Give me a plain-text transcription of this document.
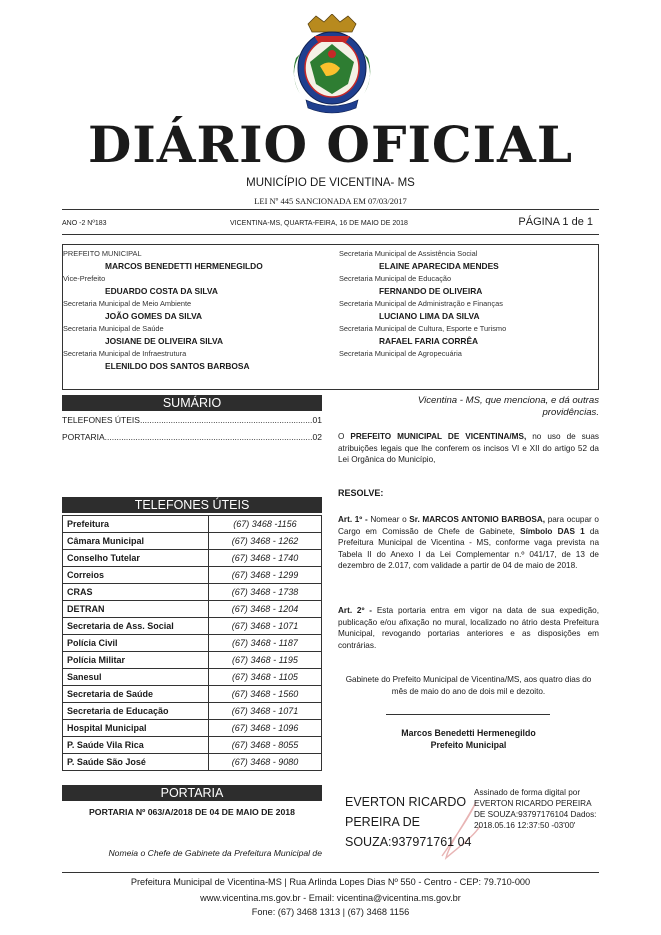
DIÁRIO OFICIAL
MUNICÍPIO DE VICENTINA- MS
LEI Nº 445 SANCIONADA EM 07/03/2017
ANO -2 Nº183	VICENTINA-MS, QUARTA-FEIRA, 16 DE MAIO DE 2018	PÁGINA 1 de 1
PREFEITO MUNICIPAL
MARCOS BENEDETTI HERMENEGILDO
Vice-Prefeito
EDUARDO COSTA DA SILVA
Secretaria Municipal de Meio Ambiente
JOÃO GOMES DA SILVA
Secretaria Municipal de Saúde
JOSIANE DE OLIVEIRA SILVA
Secretaria Municipal de Infraestrutura
ELENILDO DOS SANTOS BARBOSA
Secretaria Municipal de Assistência Social
ELAINE APARECIDA MENDES
Secretaria Municipal de Educação
FERNANDO DE OLIVEIRA
Secretaria Municipal de Administração e Finanças
LUCIANO LIMA DA SILVA
Secretaria Municipal de Cultura, Esporte e Turismo
RAFAEL FARIA CORRÊA
Secretaria Municipal de Agropecuária
SUMÁRIO
TELEFONES ÚTEIS .....	01
PORTARIA .....	02
TELEFONES ÚTEIS
Prefeitura	(67) 3468 -1156
Câmara Municipal	(67) 3468 - 1262
Conselho Tutelar	(67) 3468 - 1740
Correios	(67) 3468 - 1299
CRAS	(67) 3468 - 1738
DETRAN	(67) 3468 - 1204
Secretaria de Ass. Social	(67) 3468 - 1071
Polícia Civil	(67) 3468 - 1187
Polícia Militar	(67) 3468 - 1195
Sanesul	(67) 3468 - 1105
Secretaria de Saúde	(67) 3468 - 1560
Secretaria de Educação	(67) 3468 - 1071
Hospital Municipal	(67) 3468 - 1096
P. Saúde Vila Rica	(67) 3468 - 8055
P. Saúde São José	(67) 3468 - 9080
PORTARIA
PORTARIA Nº 063/A/2018 DE 04 DE MAIO DE 2018
Nomeia o Chefe de Gabinete da Prefeitura Municipal de
Vicentina - MS, que menciona, e dá outras providências.
O PREFEITO MUNICIPAL DE VICENTINA/MS, no uso de suas atribuições legais que lhe conferem os incisos VI e XII do artigo 52 da Lei Orgânica do Município,
RESOLVE:
Art. 1º - Nomear o Sr. MARCOS ANTONIO BARBOSA, para ocupar o Cargo em Comissão de Chefe de Gabinete, Símbolo DAS 1 da Prefeitura Municipal de Vicentina - MS, conforme vaga prevista na Tabela II do Anexo I da Lei Complementar n.º 041/17, de 13 de dezembro de 2.017, com validade a partir de 04 de maio de 2018.
Art. 2º - Esta portaria entra em vigor na data de sua expedição, publicação e/ou afixação no mural, localizado no átrio desta Prefeitura Municipal, revogando portarias anteriores e as disposições em contrárias.
Gabinete do Prefeito Municipal de Vicentina/MS, aos quatro dias do mês de maio do ano de dois mil e dezoito.
Marcos Benedetti Hermenegildo
Prefeito Municipal
EVERTON RICARDO PEREIRA DE SOUZA:937971761 04
Assinado de forma digital por EVERTON RICARDO PEREIRA DE SOUZA:93797176104 Dados: 2018.05.16 12:37:50 -03'00'
Prefeitura Municipal de Vicentina-MS | Rua Arlinda Lopes Dias Nº 550 - Centro - CEP: 79.710-000
www.vicentina.ms.gov.br - Email: vicentina@vicentina.ms.gov.br
Fone: (67) 3468 1313 | (67) 3468 1156
